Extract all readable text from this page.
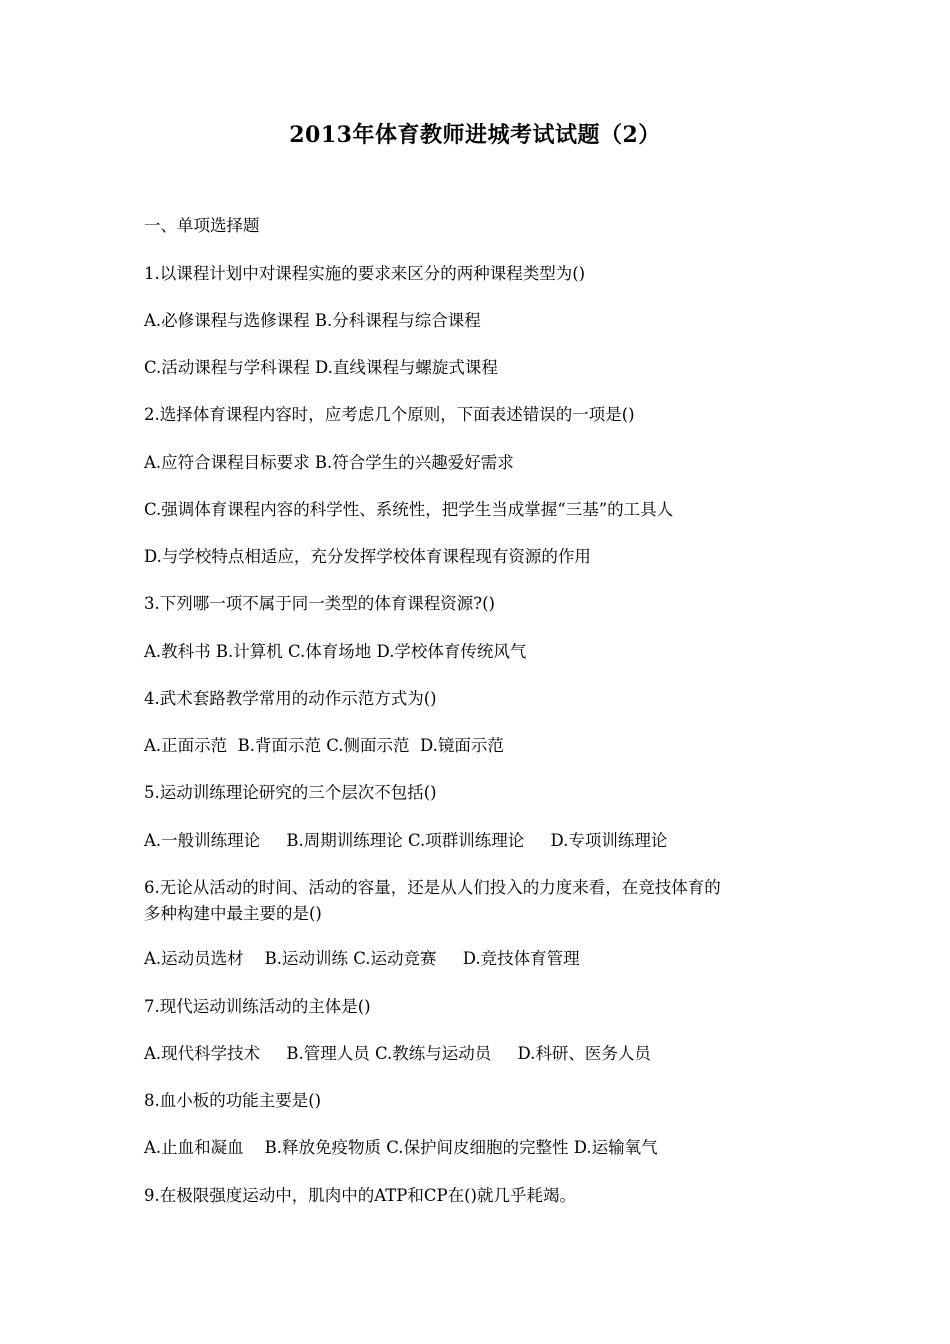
2013年体育教师进城考试试题（2）
一、单项选择题
1.以课程计划中对课程实施的要求来区分的两种课程类型为()
A.必修课程与选修课程 B.分科课程与综合课程
C.活动课程与学科课程 D.直线课程与螺旋式课程
2.选择体育课程内容时，应考虑几个原则，下面表述错误的一项是()
A.应符合课程目标要求 B.符合学生的兴趣爱好需求
C.强调体育课程内容的科学性、系统性，把学生当成掌握“三基”的工具人
D.与学校特点相适应，充分发挥学校体育课程现有资源的作用
3.下列哪一项不属于同一类型的体育课程资源?()
A.教科书 B.计算机 C.体育场地 D.学校体育传统风气
4.武术套路教学常用的动作示范方式为()
A.正面示范  B.背面示范 C.侧面示范  D.镜面示范
5.运动训练理论研究的三个层次不包括()
A.一般训练理论     B.周期训练理论 C.项群训练理论     D.专项训练理论
6.无论从活动的时间、活动的容量，还是从人们投入的力度来看，在竞技体育的
多种构建中最主要的是()
A.运动员选材    B.运动训练 C.运动竞赛     D.竞技体育管理
7.现代运动训练活动的主体是()
A.现代科学技术     B.管理人员 C.教练与运动员     D.科研、医务人员
8.血小板的功能主要是()
A.止血和凝血    B.释放免疫物质 C.保护间皮细胞的完整性 D.运输氧气
9.在极限强度运动中，肌肉中的ATP和CP在()就几乎耗竭。
